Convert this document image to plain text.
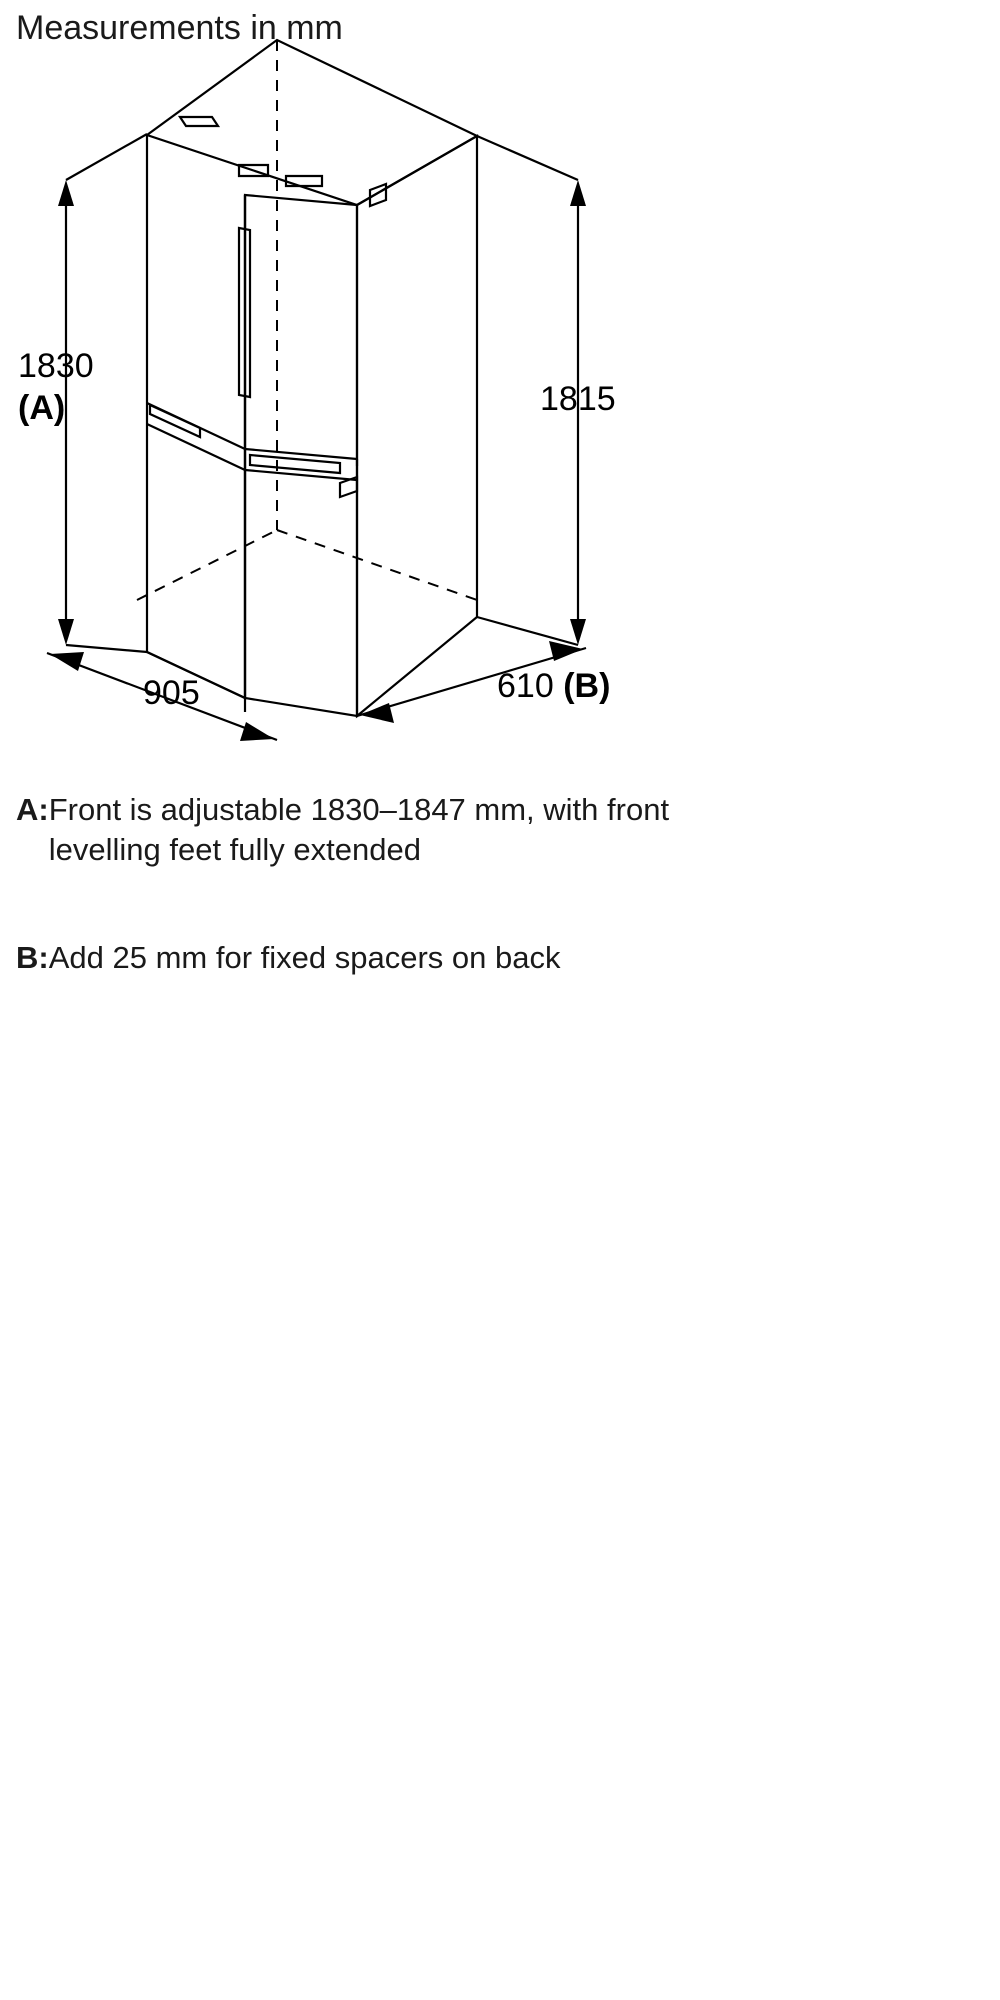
Measurements in mm
1830
(A)	1815
905	610 (B)
A:Front is adjustable 1830–1847 mm, with front levelling feet fully extended
B:Add 25 mm for fixed spacers on back
